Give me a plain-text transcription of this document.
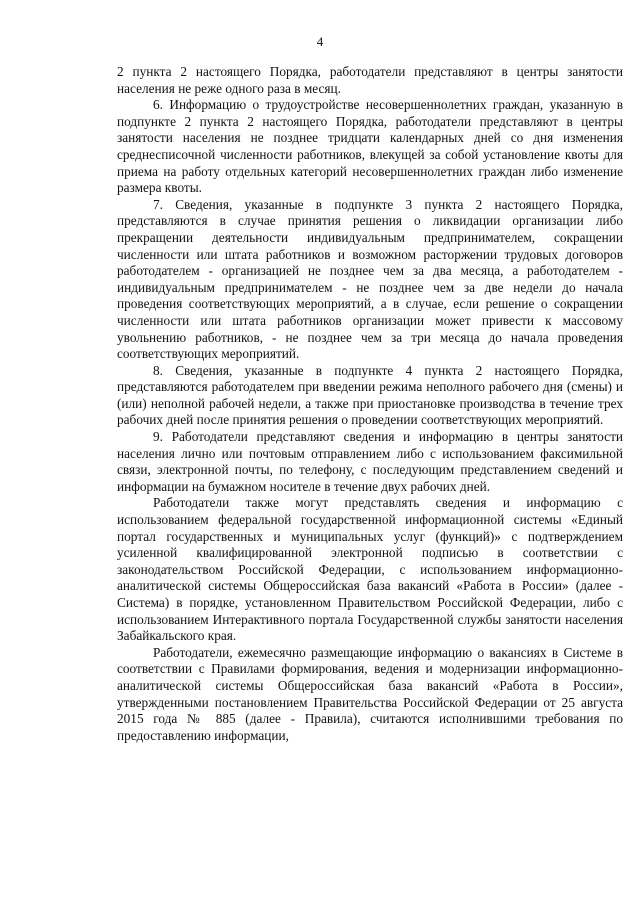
4

2 пункта 2 настоящего Порядка, работодатели представляют в центры занятости населения не реже одного раза в месяц.

6. Информацию о трудоустройстве несовершеннолетних граждан, указанную в подпункте 2 пункта 2 настоящего Порядка, работодатели представляют в центры занятости населения не позднее тридцати календарных дней со дня изменения среднесписочной численности работников, влекущей за собой установление квоты для приема на работу отдельных категорий несовершеннолетних граждан либо изменение размера квоты.

7. Сведения, указанные в подпункте 3 пункта 2 настоящего Порядка, представляются в случае принятия решения о ликвидации организации либо прекращении деятельности индивидуальным предпринимателем, сокращении численности или штата работников и возможном расторжении трудовых договоров работодателем - организацией не позднее чем за два месяца, а работодателем - индивидуальным предпринимателем - не позднее чем за две недели до начала проведения соответствующих мероприятий, а в случае, если решение о сокращении численности или штата работников организации может привести к массовому увольнению работников, - не позднее чем за три месяца до начала проведения соответствующих мероприятий.

8. Сведения, указанные в подпункте 4 пункта 2 настоящего Порядка, представляются работодателем при введении режима неполного рабочего дня (смены) и (или) неполной рабочей недели, а также при приостановке производства в течение трех рабочих дней после принятия решения о проведении соответствующих мероприятий.

9. Работодатели представляют сведения и информацию в центры занятости населения лично или почтовым отправлением либо с использованием факсимильной связи, электронной почты, по телефону, с последующим представлением сведений и информации на бумажном носителе в течение двух рабочих дней.

Работодатели также могут представлять сведения и информацию с использованием федеральной государственной информационной системы «Единый портал государственных и муниципальных услуг (функций)» с подтверждением усиленной квалифицированной электронной подписью в соответствии с законодательством Российской Федерации, с использованием информационно-аналитической системы Общероссийская база вакансий «Работа в России» (далее - Система) в порядке, установленном Правительством Российской Федерации, либо с использованием Интерактивного портала Государственной службы занятости населения Забайкальского края.

Работодатели, ежемесячно размещающие информацию о вакансиях в Системе в соответствии с Правилами формирования, ведения и модернизации информационно-аналитической системы Общероссийская база вакансий «Работа в России», утвержденными постановлением Правительства Российской Федерации от 25 августа 2015 года № 885 (далее - Правила), считаются исполнившими требования по предоставлению информации,
